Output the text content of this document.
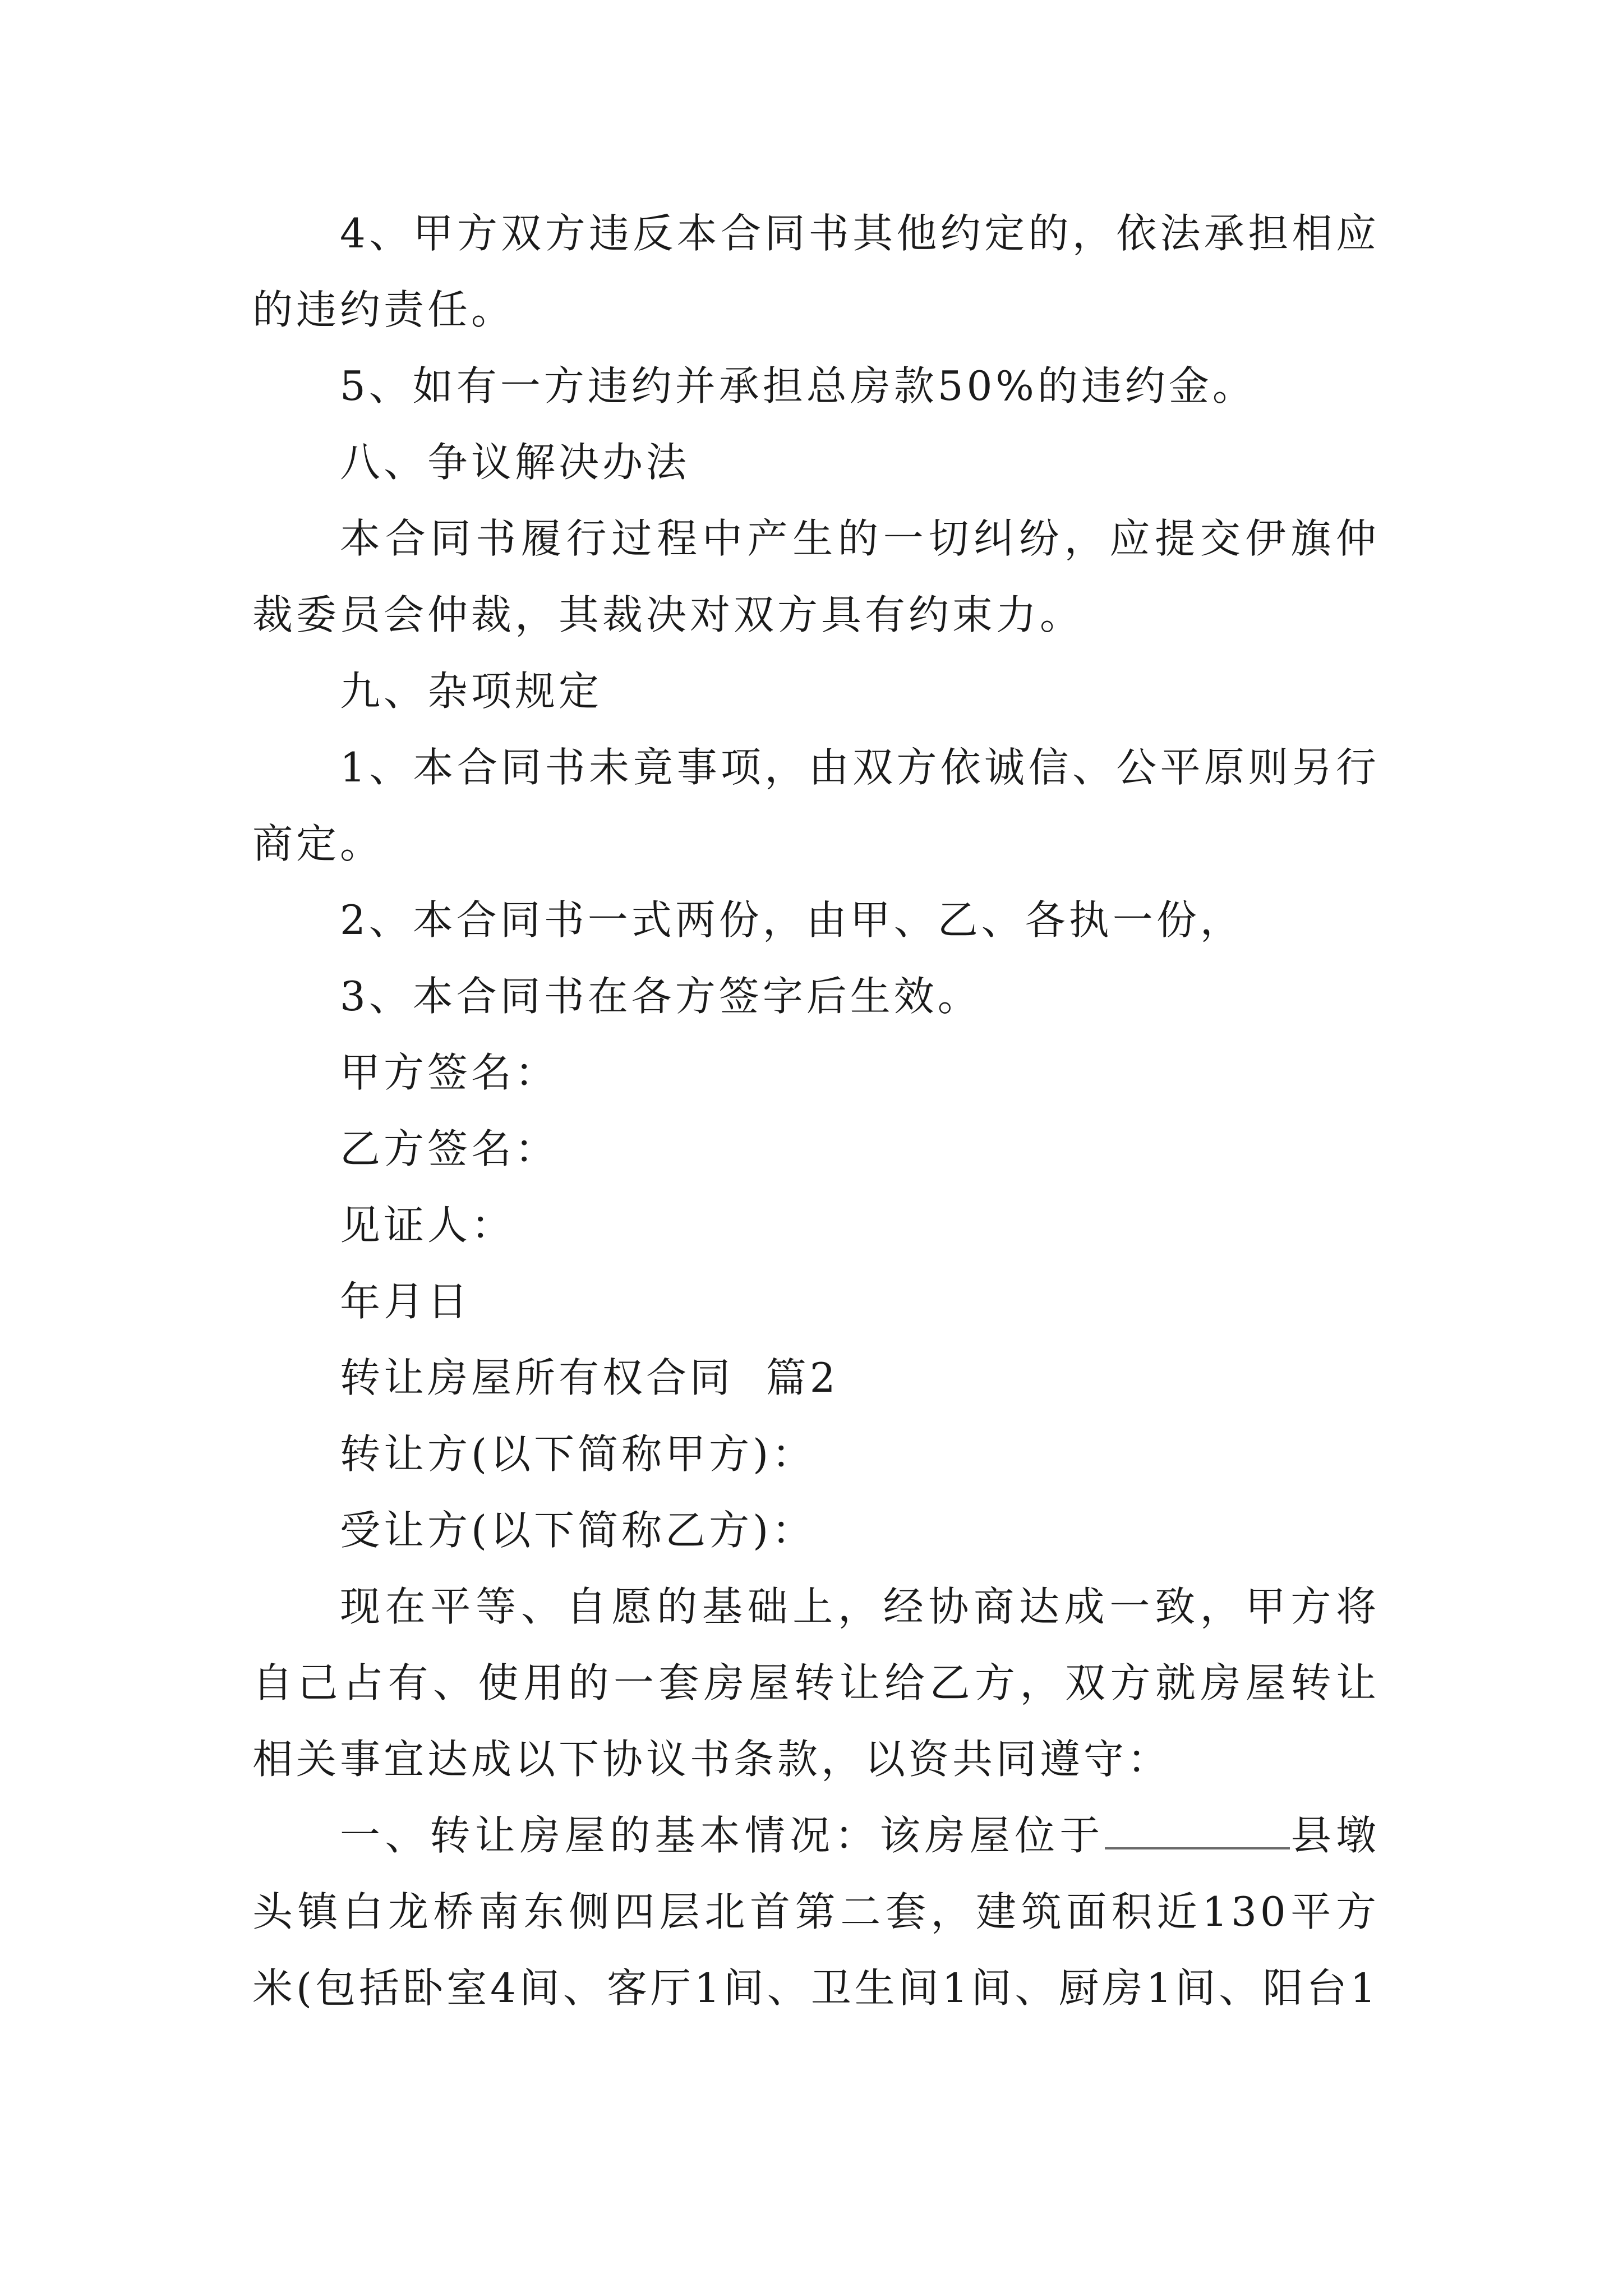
4、甲方双方违反本合同书其他约定的，依法承担相应的违约责任。

5、如有一方违约并承担总房款50%的违约金。

八、争议解决办法

本合同书履行过程中产生的一切纠纷，应提交伊旗仲裁委员会仲裁，其裁决对双方具有约束力。

九、杂项规定

1、本合同书未竟事项，由双方依诚信、公平原则另行商定。

2、本合同书一式两份，由甲、乙、各执一份，

3、本合同书在各方签字后生效。

甲方签名：

乙方签名：

见证人：

年月日

转让房屋所有权合同  篇2

转让方(以下简称甲方)：

受让方(以下简称乙方)：

现在平等、自愿的基础上，经协商达成一致，甲方将自己占有、使用的一套房屋转让给乙方，双方就房屋转让相关事宜达成以下协议书条款，以资共同遵守：

一、转让房屋的基本情况：该房屋位于	县墩头镇白龙桥南东侧四层北首第二套，建筑面积近130平方米(包括卧室4间、客厅1间、卫生间1间、厨房1间、阳台1
